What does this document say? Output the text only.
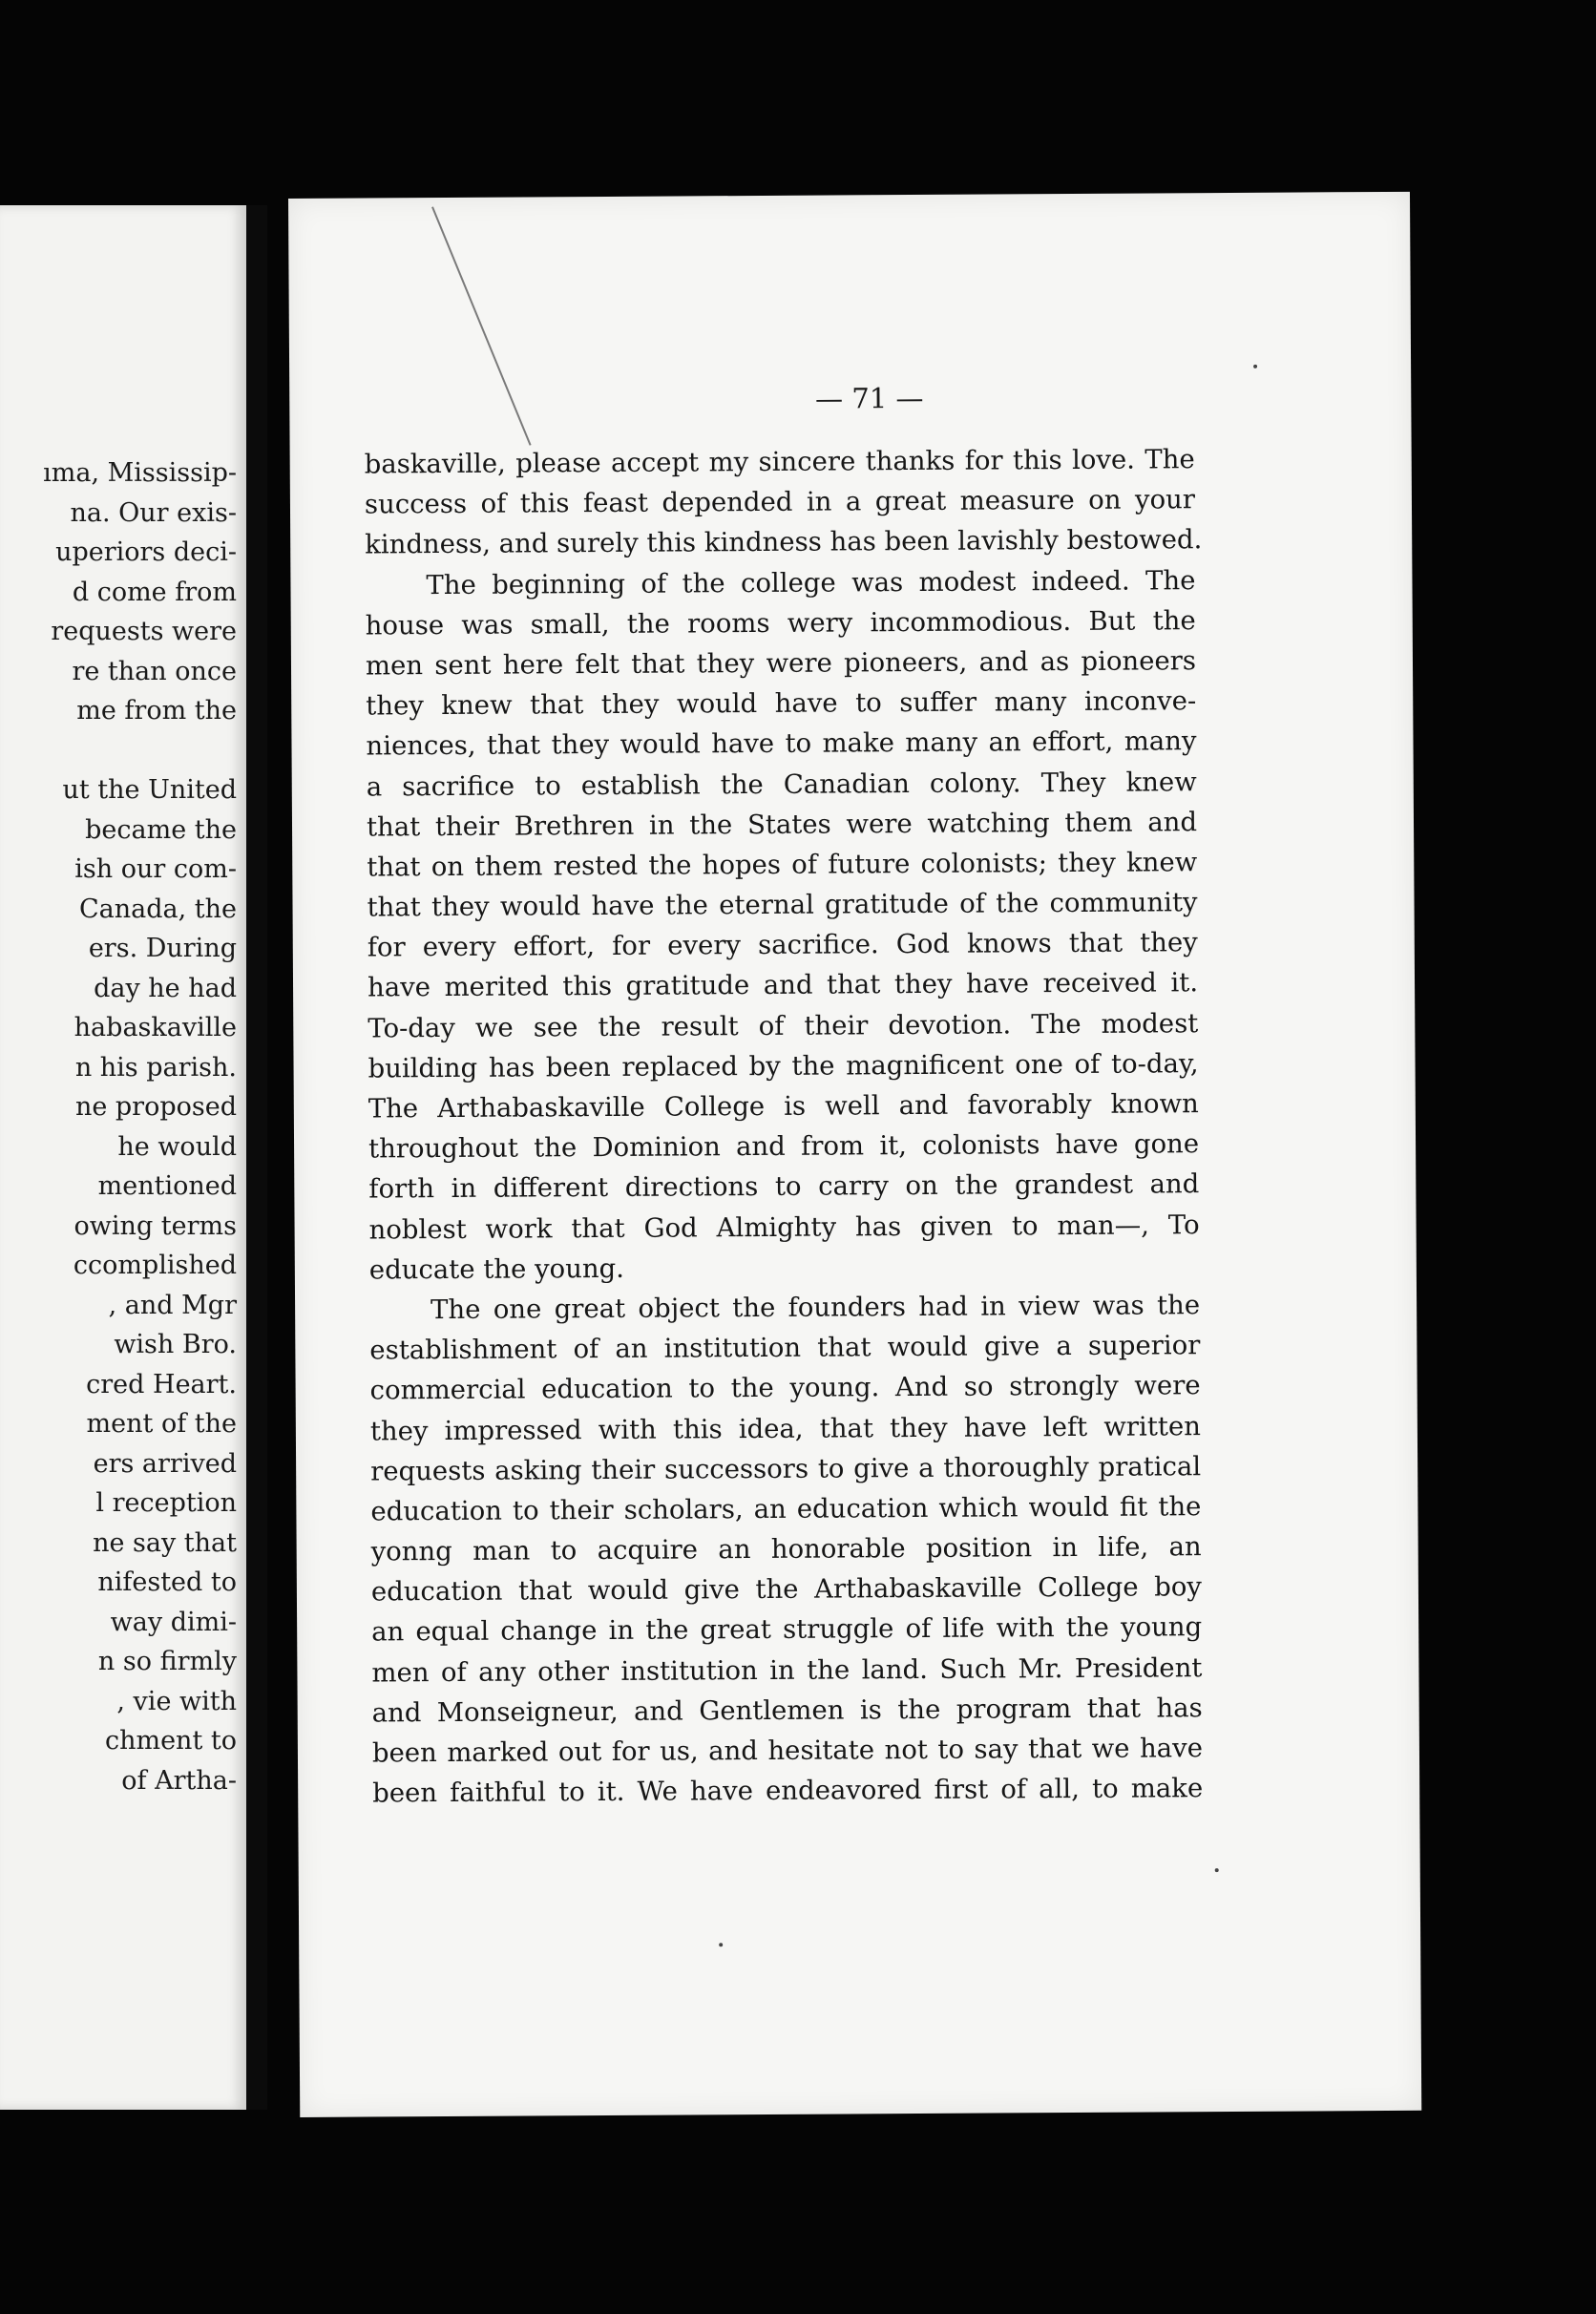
ıma, Mississip-
na. Our exis-
uperiors deci-
d come from
requests were
re than once
me from the
ut the United
became the
ish our com-
Canada, the
ers. During
day he had
habaskaville
n his parish.
ne proposed
he would
mentioned
owing terms
ccomplished
, and Mgr
wish Bro.
cred Heart.
ment of the
ers arrived
l reception
ne say that
nifested to
way dimi-
n so firmly
, vie with
chment to
of Artha-
— 71 —
baskaville, please accept my sincere thanks for this love. The
success of this feast depended in a great measure on your
kindness, and surely this kindness has been lavishly bestowed.
The beginning of the college was modest indeed. The
house was small, the rooms wery incommodious. But the
men sent here felt that they were pioneers, and as pioneers
they knew that they would have to suffer many inconve-
niences, that they would have to make many an effort, many
a sacrifice to establish the Canadian colony. They knew
that their Brethren in the States were watching them and
that on them rested the hopes of future colonists; they knew
that they would have the eternal gratitude of the community
for every effort, for every sacrifice. God knows that they
have merited this gratitude and that they have received it.
To-day we see the result of their devotion. The modest
building has been replaced by the magnificent one of to-day,
The Arthabaskaville College is well and favorably known
throughout the Dominion and from it, colonists have gone
forth in different directions to carry on the grandest and
noblest work that God Almighty has given to man—, To
educate the young.
The one great object the founders had in view was the
establishment of an institution that would give a superior
commercial education to the young. And so strongly were
they impressed with this idea, that they have left written
requests asking their successors to give a thoroughly pratical
education to their scholars, an education which would fit the
yonng man to acquire an honorable position in life, an
education that would give the Arthabaskaville College boy
an equal change in the great struggle of life with the young
men of any other institution in the land. Such Mr. President
and Monseigneur, and Gentlemen is the program that has
been marked out for us, and hesitate not to say that we have
been faithful to it. We have endeavored first of all, to make
